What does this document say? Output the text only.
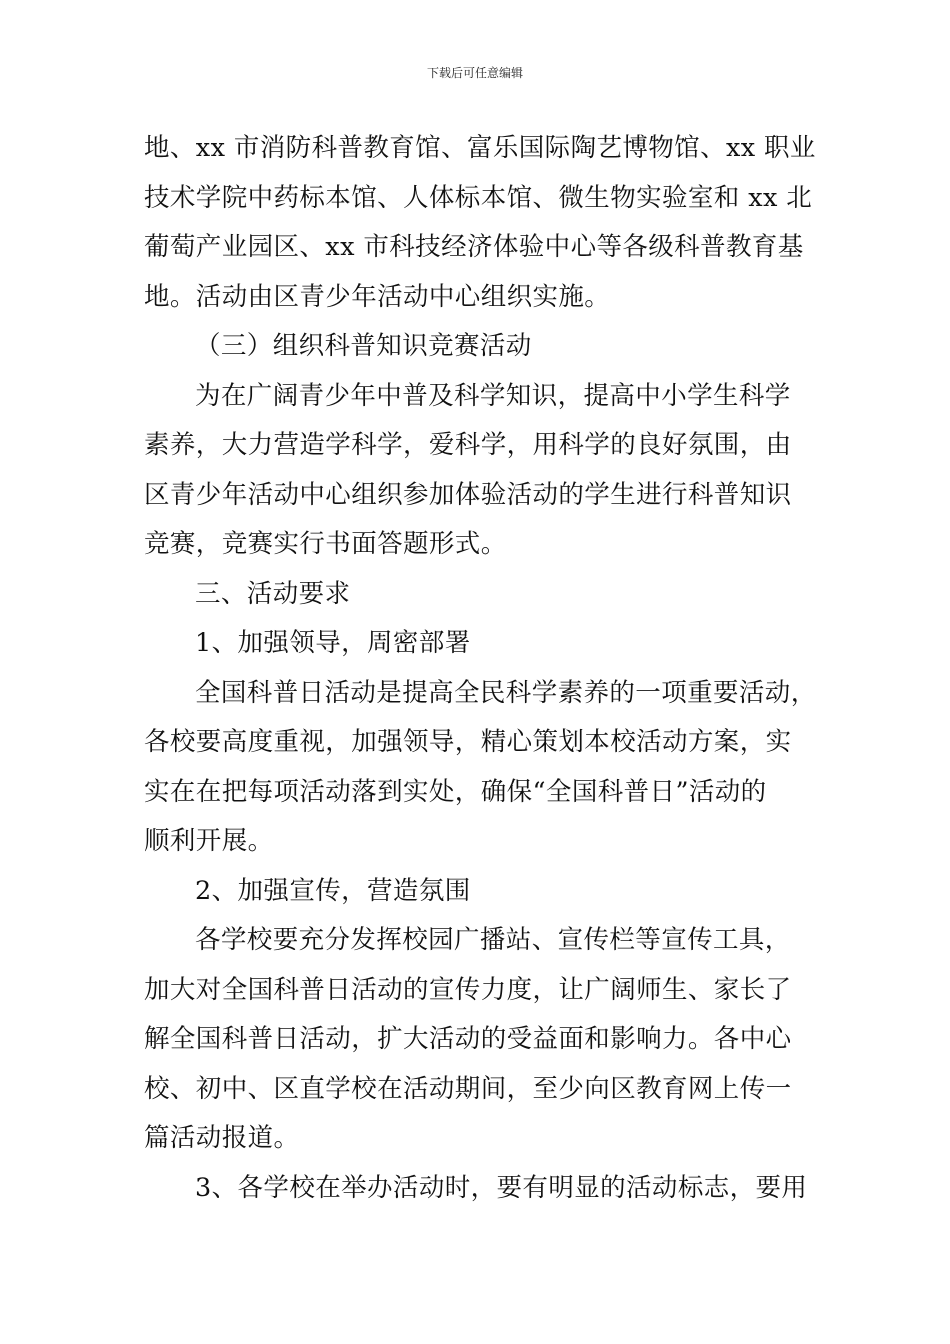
下载后可任意编辑
地、xx 市消防科普教育馆、富乐国际陶艺博物馆、xx 职业
技术学院中药标本馆、人体标本馆、微生物实验室和 xx 北
葡萄产业园区、xx 市科技经济体验中心等各级科普教育基
地。活动由区青少年活动中心组织实施。
（三）组织科普知识竞赛活动
为在广阔青少年中普及科学知识，提高中小学生科学
素养，大力营造学科学，爱科学，用科学的良好氛围，由
区青少年活动中心组织参加体验活动的学生进行科普知识
竞赛，竞赛实行书面答题形式。
三、活动要求
1、加强领导，周密部署
全国科普日活动是提高全民科学素养的一项重要活动，
各校要高度重视，加强领导，精心策划本校活动方案，实
实在在把每项活动落到实处，确保“全国科普日”活动的
顺利开展。
2、加强宣传，营造氛围
各学校要充分发挥校园广播站、宣传栏等宣传工具，
加大对全国科普日活动的宣传力度，让广阔师生、家长了
解全国科普日活动，扩大活动的受益面和影响力。各中心
校、初中、区直学校在活动期间，至少向区教育网上传一
篇活动报道。
3、各学校在举办活动时，要有明显的活动标志，要用
